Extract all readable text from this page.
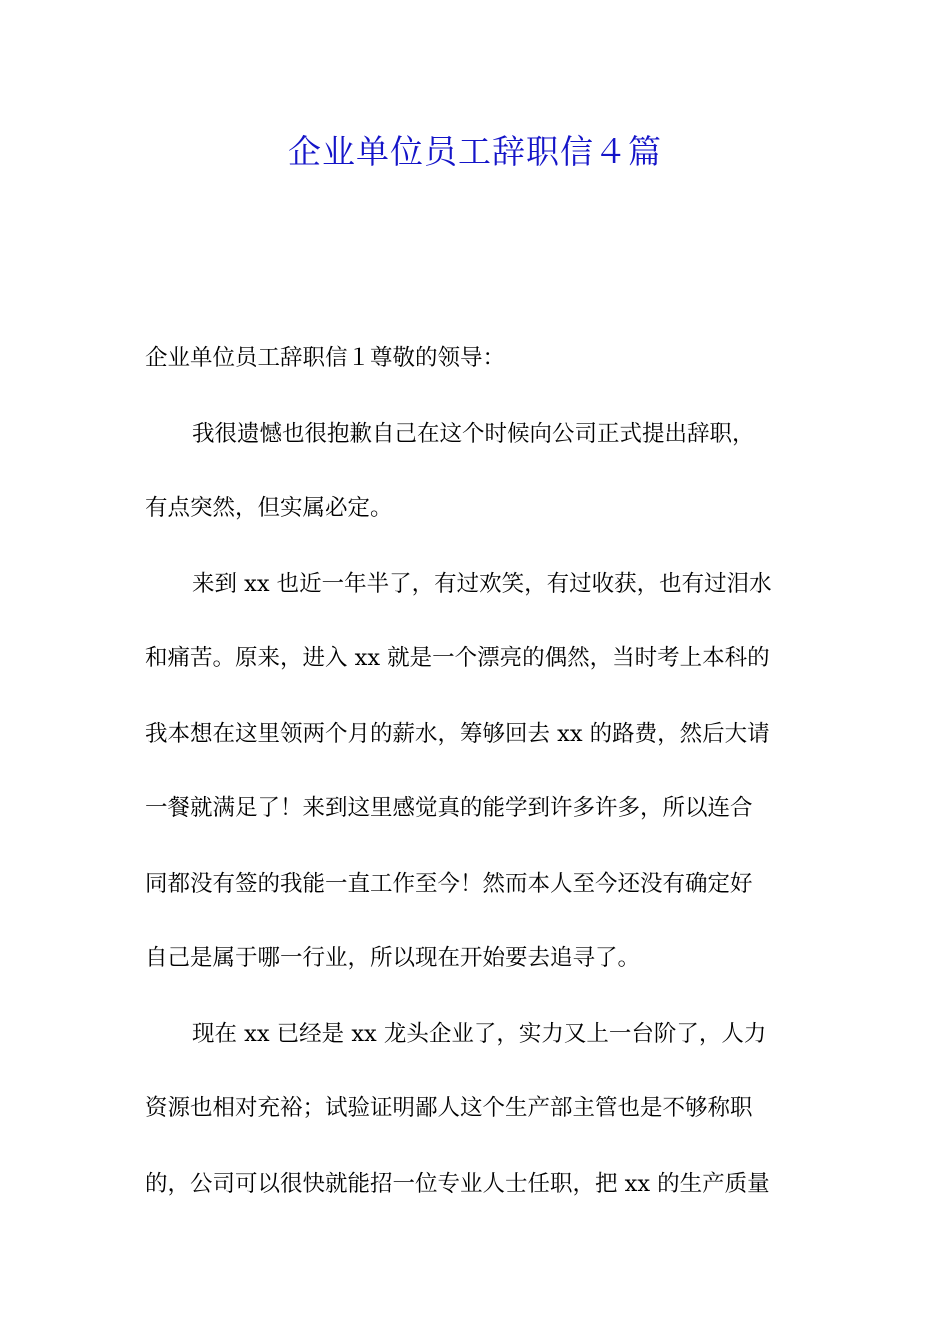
企业单位员工辞职信４篇

企业单位员工辞职信１尊敬的领导：

我很遗憾也很抱歉自己在这个时候向公司正式提出辞职，

有点突然，但实属必定。

来到 xx 也近一年半了，有过欢笑，有过收获，也有过泪水

和痛苦。原来，进入 xx 就是一个漂亮的偶然，当时考上本科的

我本想在这里领两个月的薪水，筹够回去 xx 的路费，然后大请

一餐就满足了！来到这里感觉真的能学到许多许多，所以连合

同都没有签的我能一直工作至今！然而本人至今还没有确定好

自己是属于哪一行业，所以现在开始要去追寻了。

现在 xx 已经是 xx 龙头企业了，实力又上一台阶了，人力

资源也相对充裕；试验证明鄙人这个生产部主管也是不够称职

的，公司可以很快就能招一位专业人士任职，把 xx 的生产质量
